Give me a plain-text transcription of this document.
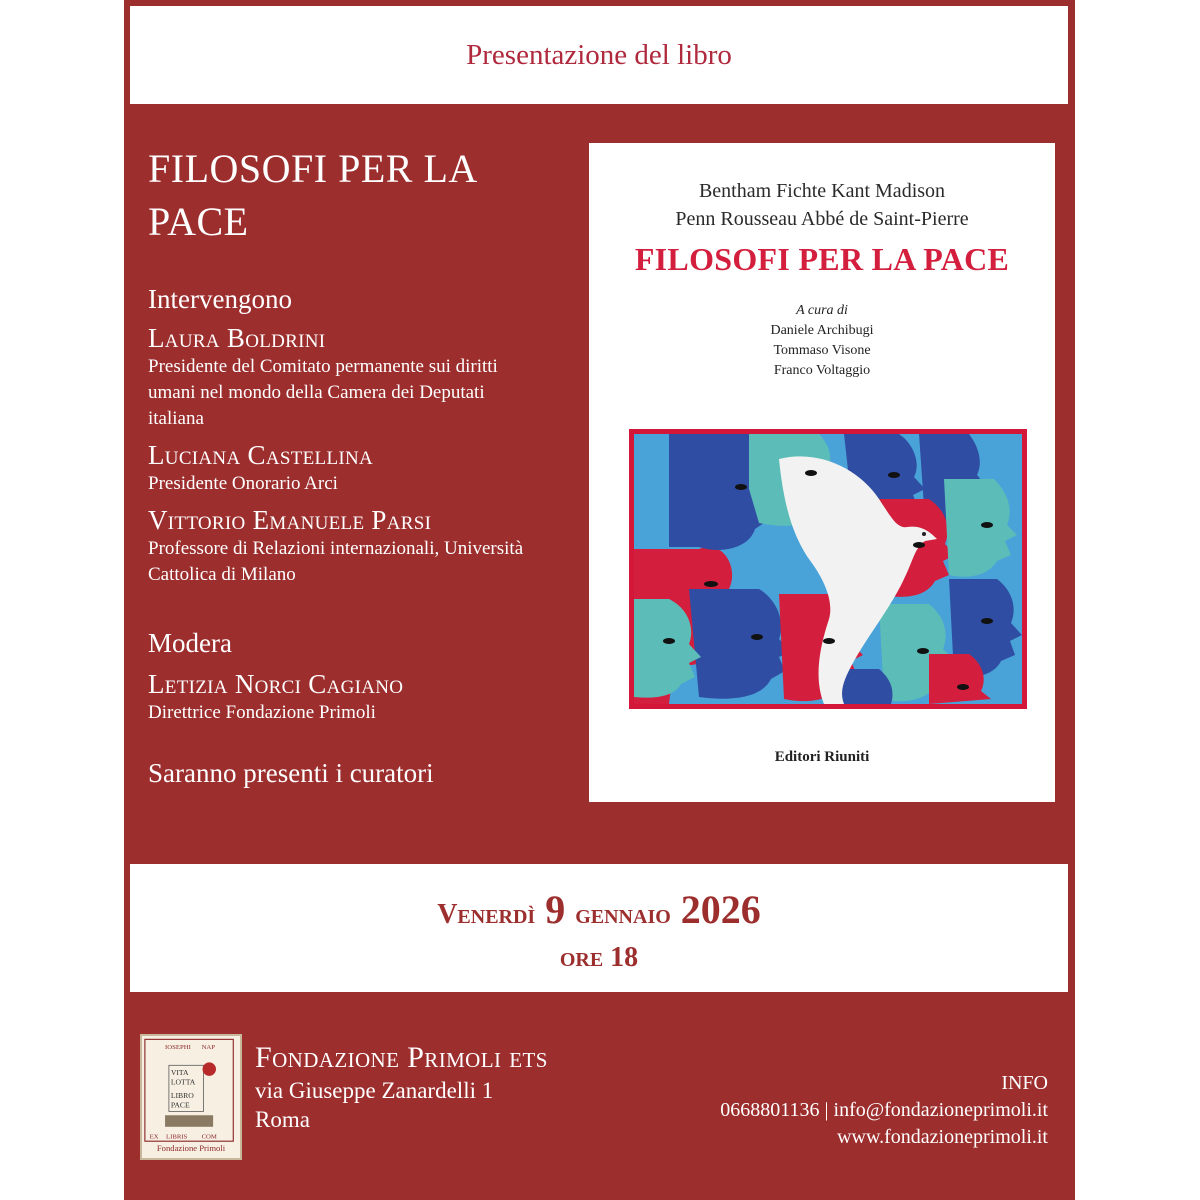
Presentazione del libro
FILOSOFI PER LA
PACE

Intervengono

Laura Boldrini

Presidente del Comitato permanente sui diritti
umani nel mondo della Camera dei Deputati
italiana

Luciana Castellina

Presidente Onorario Arci

Vittorio Emanuele Parsi

Professore di Relazioni internazionali, Università
Cattolica di Milano

Modera

Letizia Norci Cagiano

Direttrice Fondazione Primoli

Saranno presenti i curatori

Bentham Fichte Kant Madison
Penn Rousseau Abbé de Saint-Pierre
FILOSOFI PER LA PACE
A cura di
Daniele Archibugi
Tommaso Visone
Franco Voltaggio
Editori Riuniti
Venerdì 9 gennaio 2026
ore 18
IOSEPHI NAP
EX LIBRIS COM
VITA
LOTTA
LIBRO
PACE
Fondazione Primoli

Fondazione Primoli ets

via Giuseppe Zanardelli 1

Roma

INFO
0668801136 | info@fondazioneprimoli.it
www.fondazioneprimoli.it
